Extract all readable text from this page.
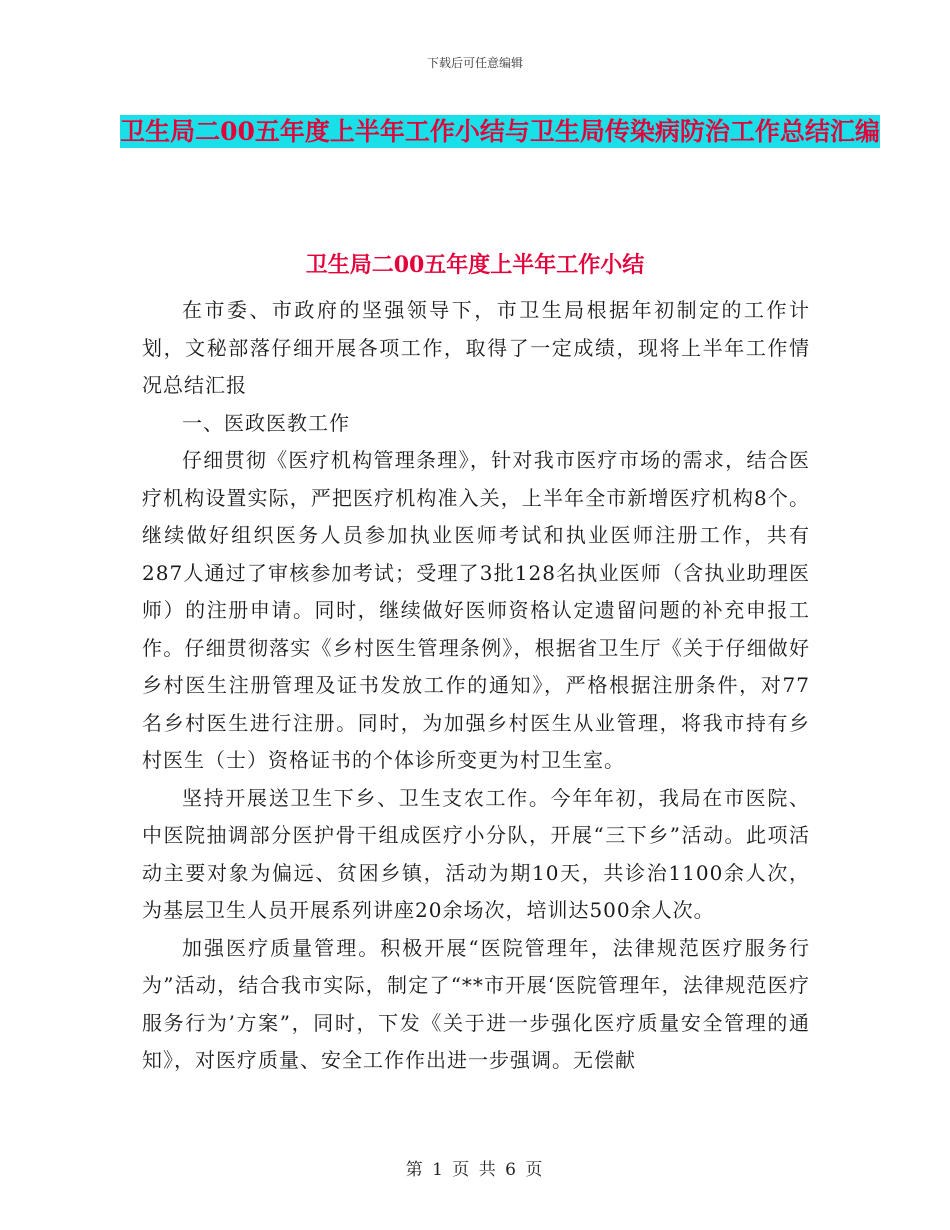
下载后可任意编辑
卫生局二00五年度上半年工作小结与卫生局传染病防治工作总结汇编
卫生局二00五年度上半年工作小结

在市委、市政府的坚强领导下，市卫生局根据年初制定的工作计划，文秘部落仔细开展各项工作，取得了一定成绩，现将上半年工作情况总结汇报

一、医政医教工作

仔细贯彻《医疗机构管理条理》，针对我市医疗市场的需求，结合医疗机构设置实际，严把医疗机构准入关，上半年全市新增医疗机构8个。继续做好组织医务人员参加执业医师考试和执业医师注册工作，共有287人通过了审核参加考试；受理了3批128名执业医师（含执业助理医师）的注册申请。同时，继续做好医师资格认定遗留问题的补充申报工作。仔细贯彻落实《乡村医生管理条例》，根据省卫生厅《关于仔细做好乡村医生注册管理及证书发放工作的通知》，严格根据注册条件，对77名乡村医生进行注册。同时，为加强乡村医生从业管理，将我市持有乡村医生（士）资格证书的个体诊所变更为村卫生室。

坚持开展送卫生下乡、卫生支农工作。今年年初，我局在市医院、中医院抽调部分医护骨干组成医疗小分队，开展“三下乡”活动。此项活动主要对象为偏远、贫困乡镇，活动为期10天，共诊治1100余人次，为基层卫生人员开展系列讲座20余场次，培训达500余人次。

加强医疗质量管理。积极开展“医院管理年，法律规范医疗服务行为”活动，结合我市实际，制定了“**市开展‘医院管理年，法律规范医疗服务行为’方案”，同时，下发《关于进一步强化医疗质量安全管理的通知》，对医疗质量、安全工作作出进一步强调。无偿献

第 1 页 共 6 页
